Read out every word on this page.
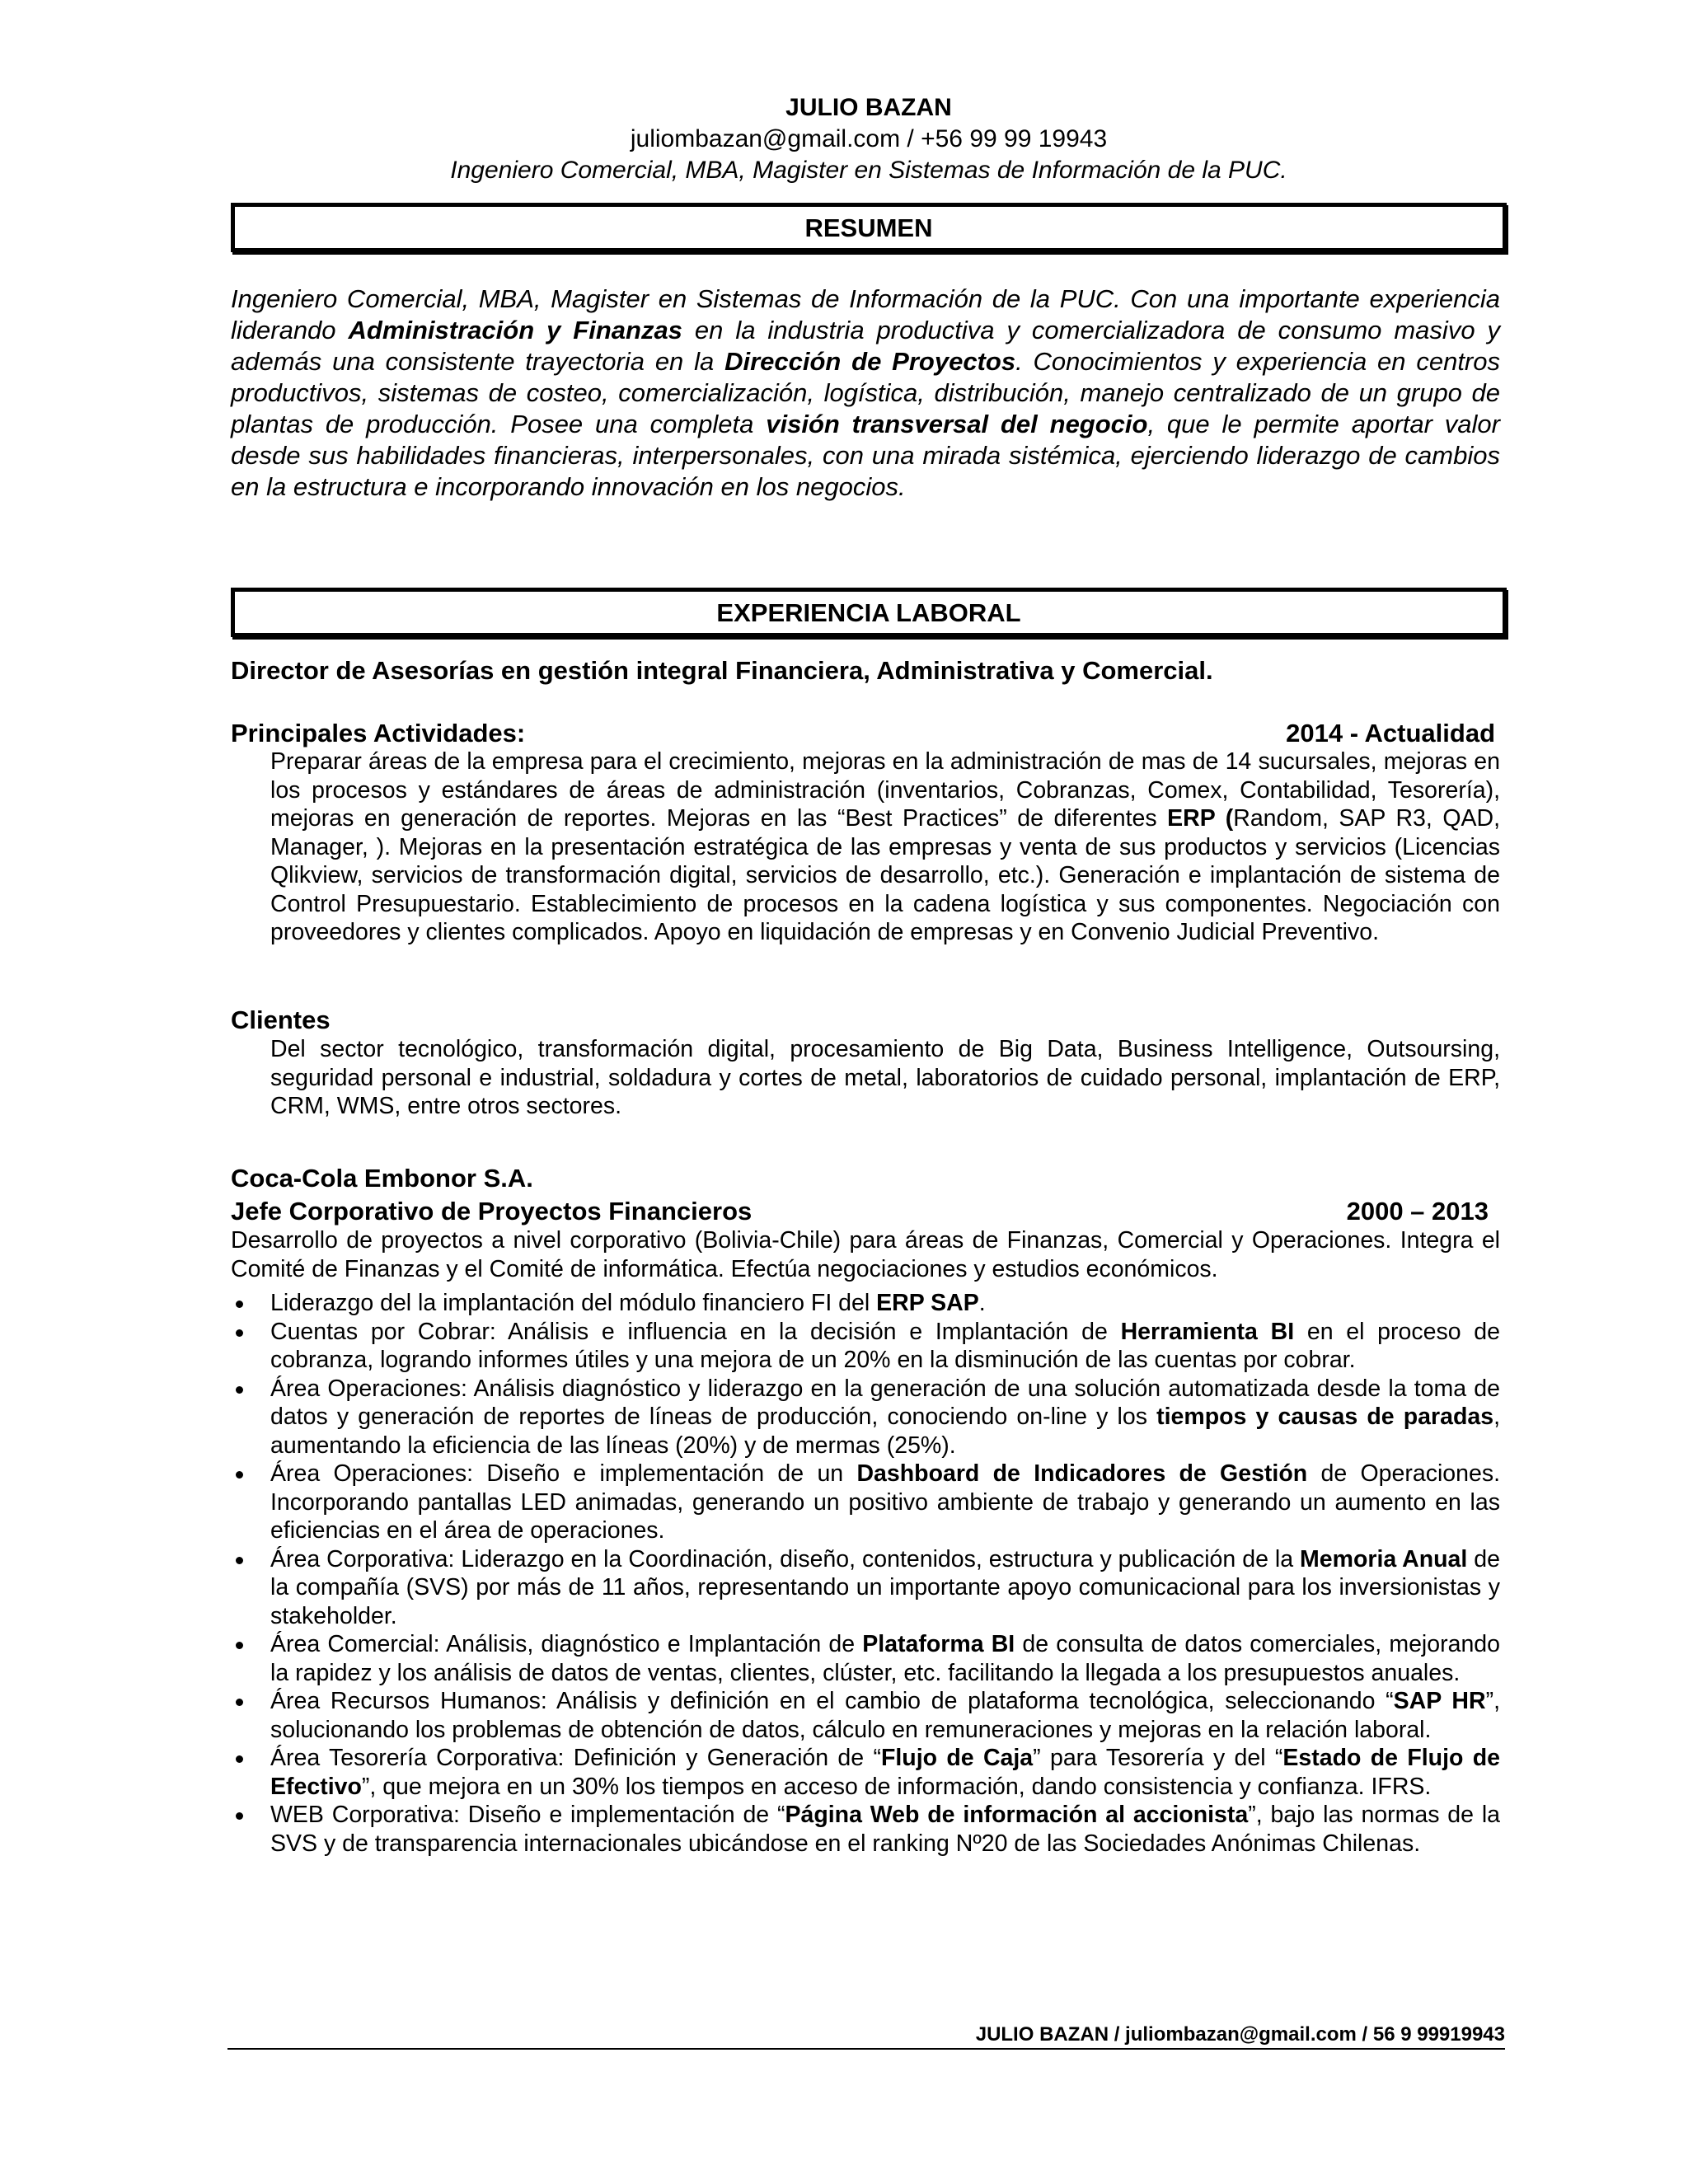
JULIO BAZAN
juliombazan@gmail.com / +56 99 99 19943
Ingeniero Comercial, MBA, Magister en Sistemas de Información de la PUC.
RESUMEN
Ingeniero Comercial, MBA, Magister en Sistemas de Información de la PUC. Con una importante experiencia liderando Administración y Finanzas en la industria productiva y comercializadora de consumo masivo y además una consistente trayectoria en la Dirección de Proyectos. Conocimientos y experiencia en centros productivos, sistemas de costeo, comercialización, logística, distribución, manejo centralizado de un grupo de plantas de producción. Posee una completa visión transversal del negocio, que le permite aportar valor desde sus habilidades financieras, interpersonales, con una mirada sistémica, ejerciendo liderazgo de cambios en la estructura e incorporando innovación en los negocios.
EXPERIENCIA LABORAL
Director de Asesorías en gestión integral Financiera, Administrativa y Comercial.
Principales Actividades:	2014 - Actualidad
Preparar áreas de la empresa para el crecimiento, mejoras en la administración de mas de 14 sucursales, mejoras en los procesos y estándares de áreas de administración (inventarios, Cobranzas, Comex, Contabilidad, Tesorería), mejoras en generación de reportes. Mejoras en las “Best Practices” de diferentes ERP (Random, SAP R3, QAD, Manager, ). Mejoras en la presentación estratégica de las empresas y venta de sus productos y servicios (Licencias Qlikview, servicios de transformación digital, servicios de desarrollo, etc.). Generación e implantación de sistema de Control Presupuestario. Establecimiento de procesos en la cadena logística y sus componentes. Negociación con proveedores y clientes complicados. Apoyo en liquidación de empresas y en Convenio Judicial Preventivo.
Clientes
Del sector tecnológico, transformación digital, procesamiento de Big Data, Business Intelligence, Outsoursing, seguridad personal e industrial, soldadura y cortes de metal, laboratorios de cuidado personal, implantación de ERP, CRM, WMS, entre otros sectores.
Coca-Cola Embonor S.A.
Jefe Corporativo de Proyectos Financieros	2000 – 2013
Desarrollo de proyectos a nivel corporativo (Bolivia-Chile) para áreas de Finanzas, Comercial y Operaciones. Integra el Comité de Finanzas y el Comité de informática. Efectúa negociaciones y estudios económicos.
Liderazgo del la implantación del módulo financiero FI del ERP SAP.
Cuentas por Cobrar: Análisis e influencia en la decisión e Implantación de Herramienta BI en el proceso de cobranza, logrando informes útiles y una mejora de un 20% en la disminución de las cuentas por cobrar.
Área Operaciones: Análisis diagnóstico y liderazgo en la generación de una solución automatizada desde la toma de datos y generación de reportes de líneas de producción, conociendo on-line y los tiempos y causas de paradas, aumentando la eficiencia de las líneas (20%) y de mermas (25%).
Área Operaciones: Diseño e implementación de un Dashboard de Indicadores de Gestión de Operaciones. Incorporando pantallas LED animadas, generando un positivo ambiente de trabajo y generando un aumento en las eficiencias en el área de operaciones.
Área Corporativa: Liderazgo en la Coordinación, diseño, contenidos, estructura y publicación de la Memoria Anual de la compañía (SVS) por más de 11 años, representando un importante apoyo comunicacional para los inversionistas y stakeholder.
Área Comercial: Análisis, diagnóstico e Implantación de Plataforma BI de consulta de datos comerciales, mejorando la rapidez y los análisis de datos de ventas, clientes, clúster, etc. facilitando la llegada a los presupuestos anuales.
Área Recursos Humanos: Análisis y definición en el cambio de plataforma tecnológica, seleccionando “SAP HR”, solucionando los problemas de obtención de datos, cálculo en remuneraciones y mejoras en la relación laboral.
Área Tesorería Corporativa: Definición y Generación de “Flujo de Caja” para Tesorería y del “Estado de Flujo de Efectivo”, que mejora en un 30% los tiempos en acceso de información, dando consistencia y confianza. IFRS.
WEB Corporativa: Diseño e implementación de “Página Web de información al accionista”, bajo las normas de la SVS y de transparencia internacionales ubicándose en el ranking Nº20 de las Sociedades Anónimas Chilenas.
JULIO BAZAN / juliombazan@gmail.com / 56 9 99919943
